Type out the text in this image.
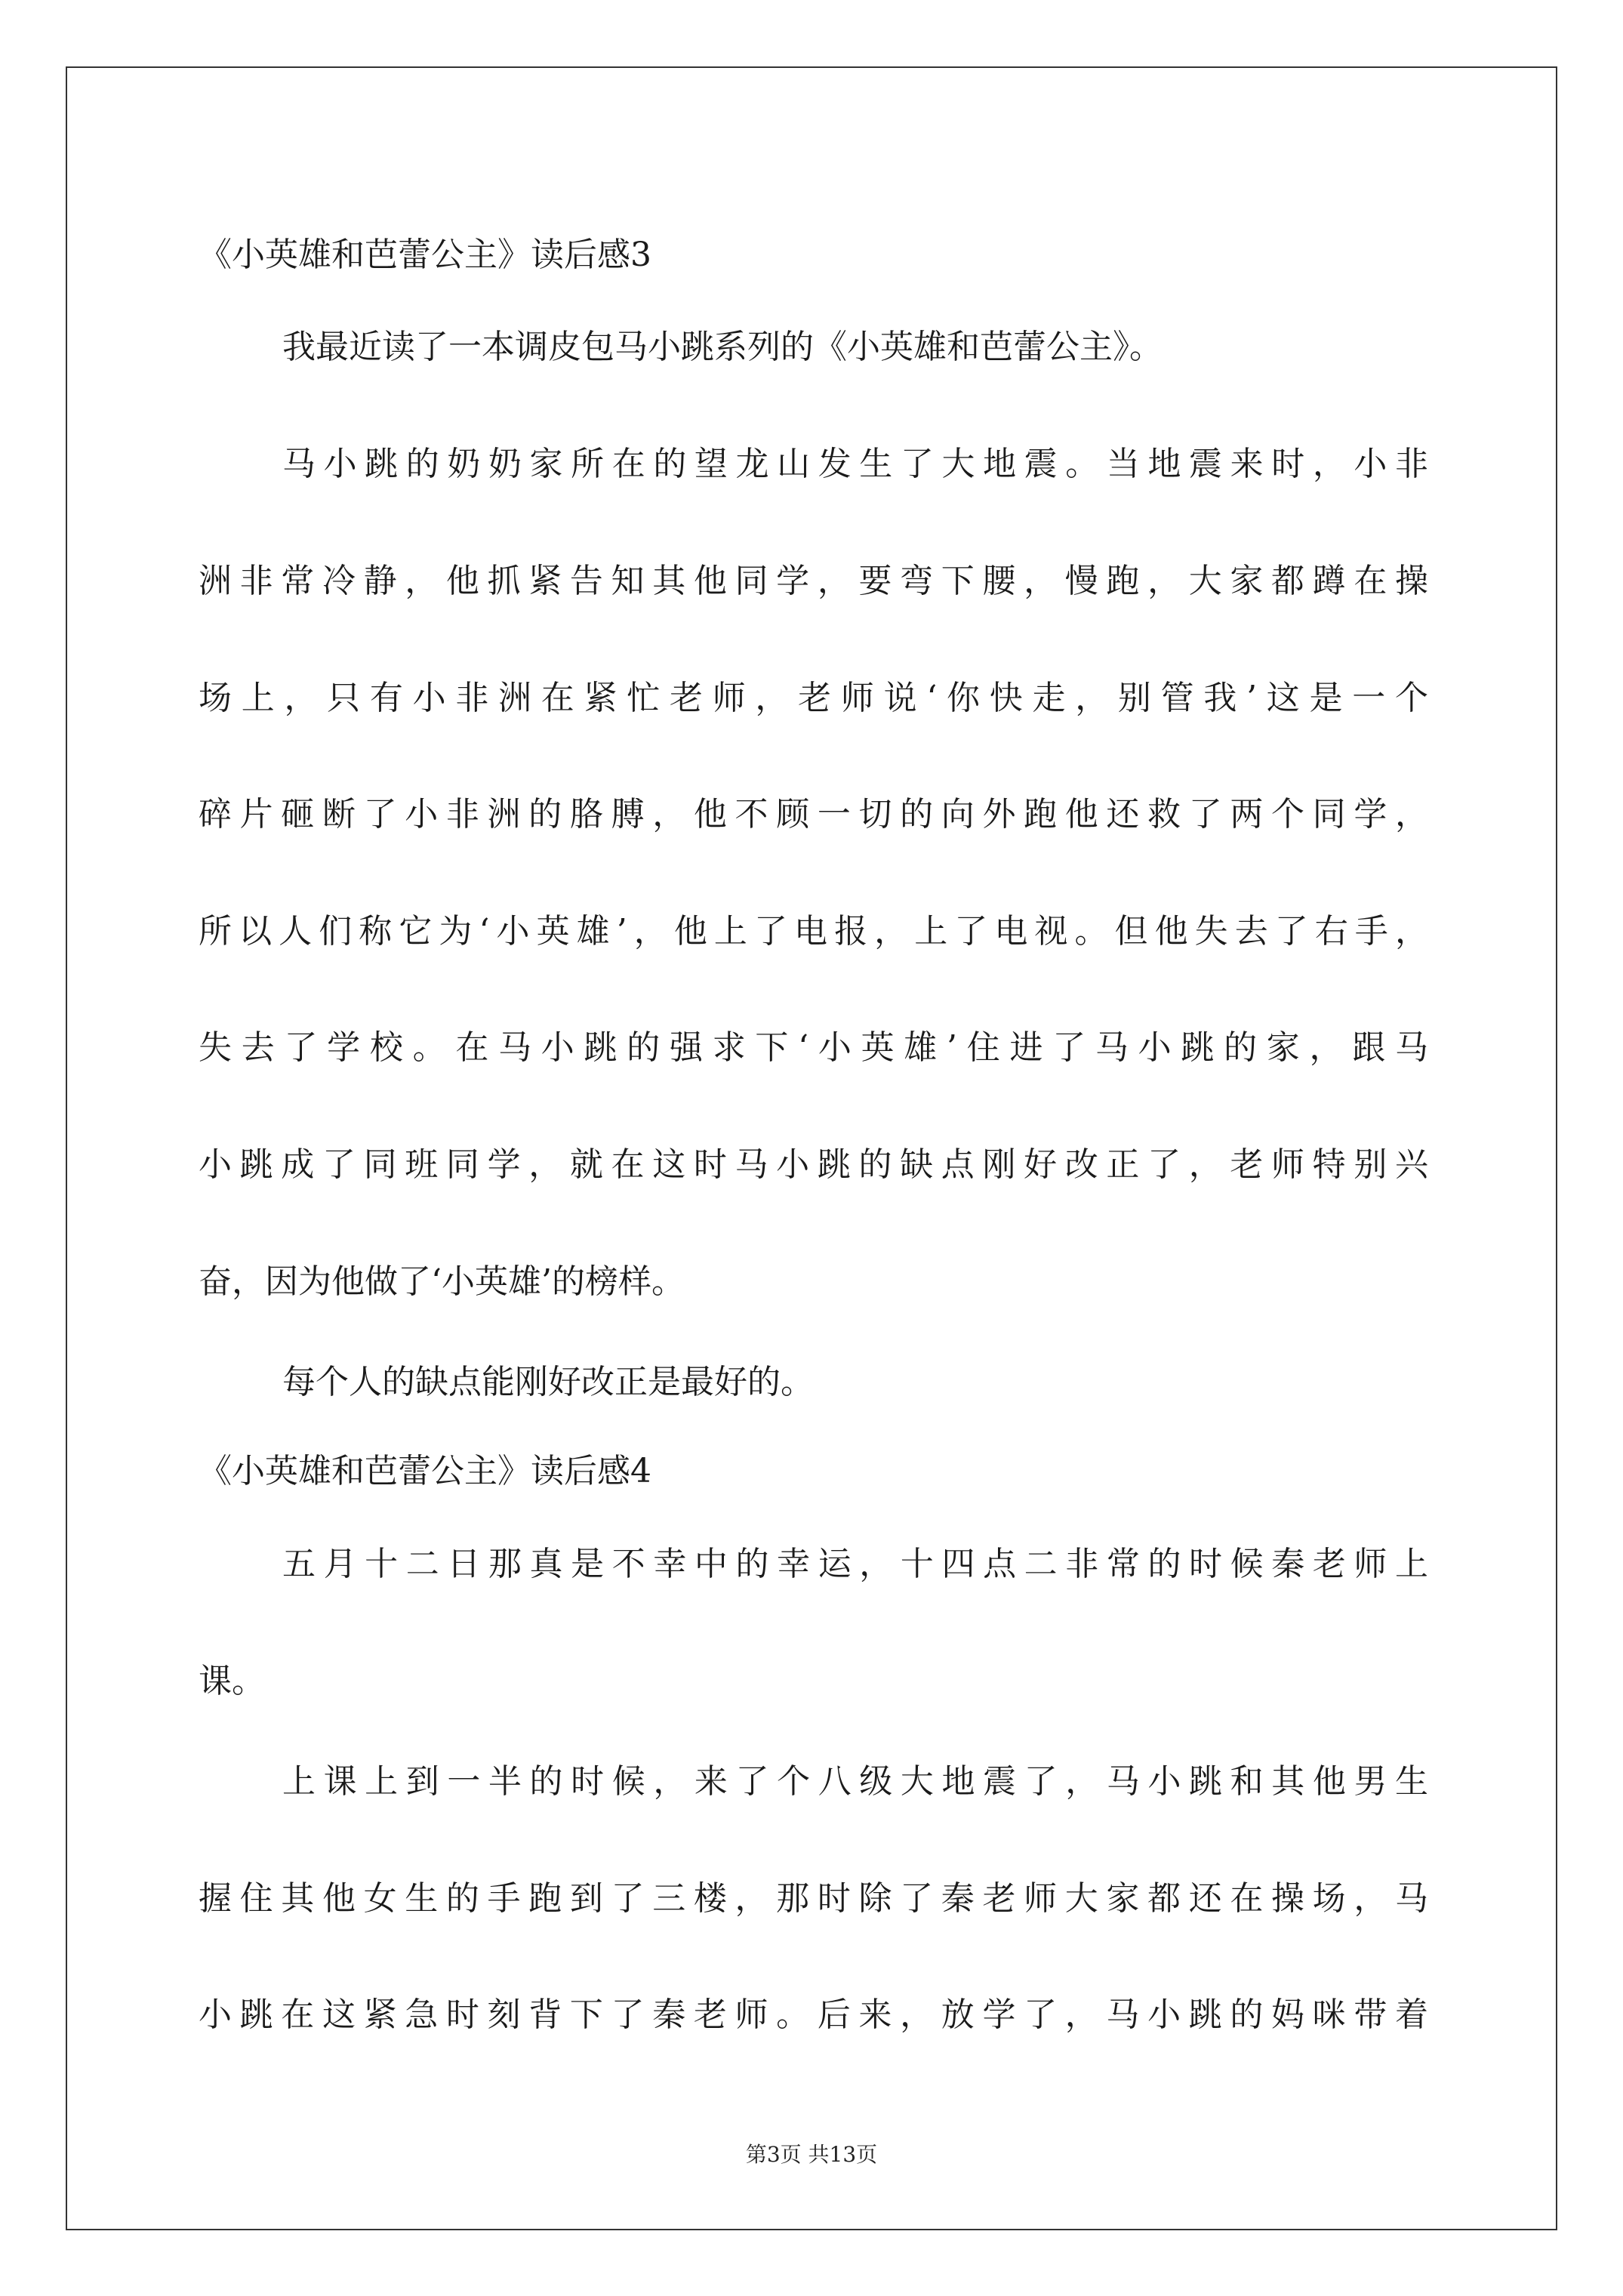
《小英雄和芭蕾公主》读后感3
我最近读了一本调皮包马小跳系列的《小英雄和芭蕾公主》。
马小跳的奶奶家所在的望龙山发生了大地震。当地震来时，小非
洲非常冷静，他抓紧告知其他同学，要弯下腰，慢跑，大家都蹲在操
场上，只有小非洲在紧忙老师，老师说‘你快走，别管我’这是一个
碎片砸断了小非洲的胳膊，他不顾一切的向外跑他还救了两个同学，
所以人们称它为‘小英雄’，他上了电报，上了电视。但他失去了右手，
失去了学校。在马小跳的强求下‘小英雄’住进了马小跳的家，跟马
小跳成了同班同学，就在这时马小跳的缺点刚好改正了，老师特别兴
奋，因为他做了‘小英雄’的榜样。
每个人的缺点能刚好改正是最好的。
《小英雄和芭蕾公主》读后感4
五月十二日那真是不幸中的幸运，十四点二非常的时候秦老师上
课。
上课上到一半的时候，来了个八级大地震了，马小跳和其他男生
握住其他女生的手跑到了三楼，那时除了秦老师大家都还在操场，马
小跳在这紧急时刻背下了秦老师。后来，放学了，马小跳的妈咪带着
第3页 共13页
